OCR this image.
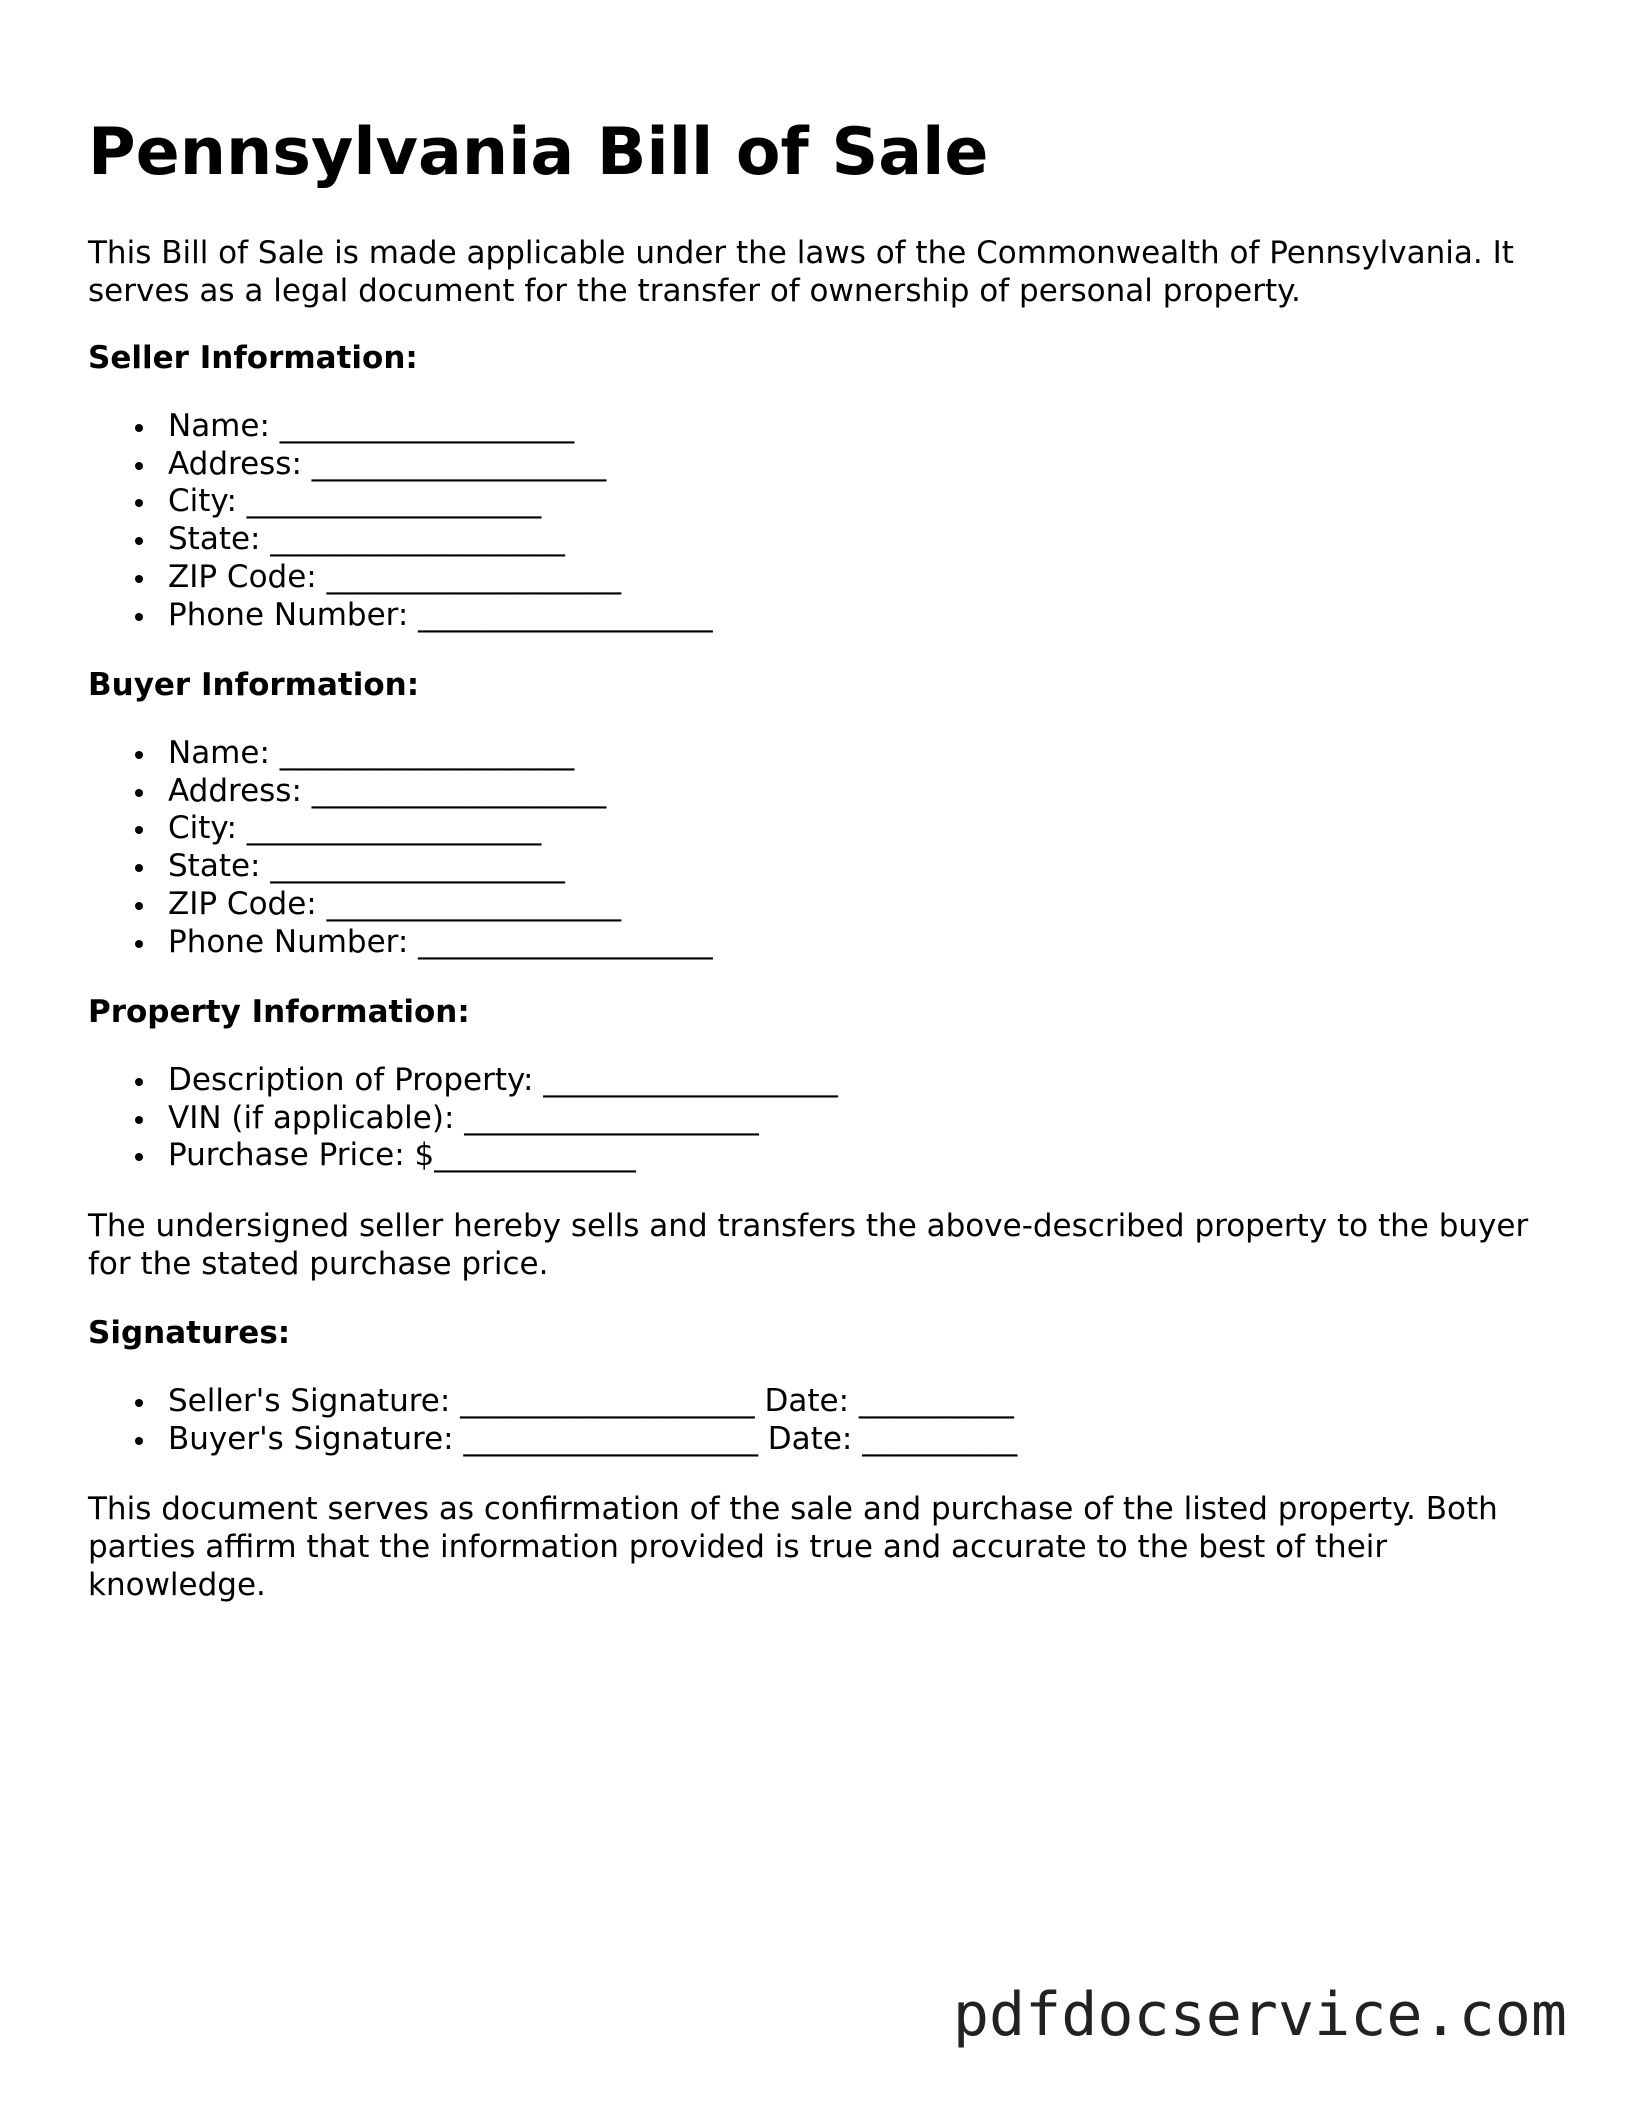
Pennsylvania Bill of Sale

This Bill of Sale is made applicable under the laws of the Commonwealth of Pennsylvania. It serves as a legal document for the transfer of ownership of personal property.

Seller Information:

Name: ___________________
Address: ___________________
City: ___________________
State: ___________________
ZIP Code: ___________________
Phone Number: ___________________

Buyer Information:

Name: ___________________
Address: ___________________
City: ___________________
State: ___________________
ZIP Code: ___________________
Phone Number: ___________________

Property Information:

Description of Property: ___________________
VIN (if applicable): ___________________
Purchase Price: $_____________

The undersigned seller hereby sells and transfers the above-described property to the buyer for the stated purchase price.

Signatures:

Seller's Signature: ___________________ Date: __________
Buyer's Signature: ___________________ Date: __________

This document serves as confirmation of the sale and purchase of the listed property. Both parties affirm that the information provided is true and accurate to the best of their knowledge.

pdfdocservice.com
